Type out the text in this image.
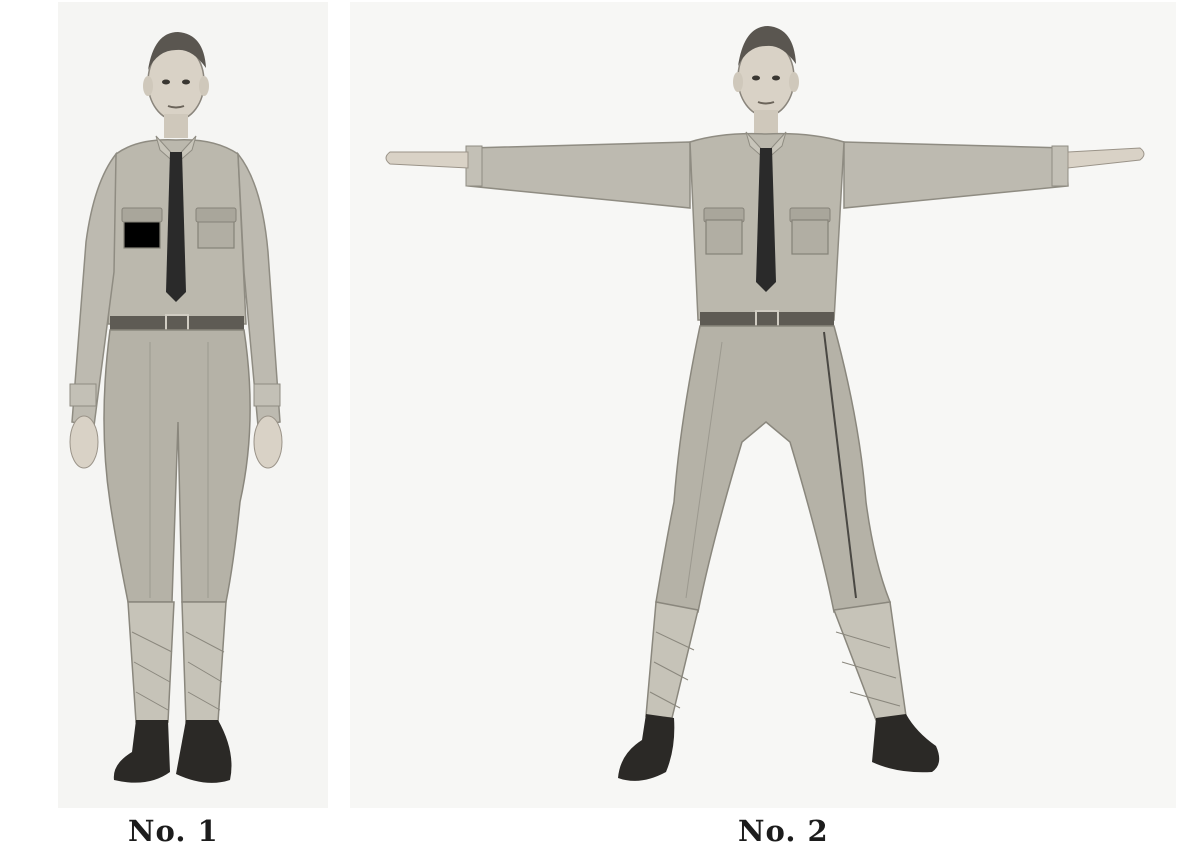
No. 1	No. 2
